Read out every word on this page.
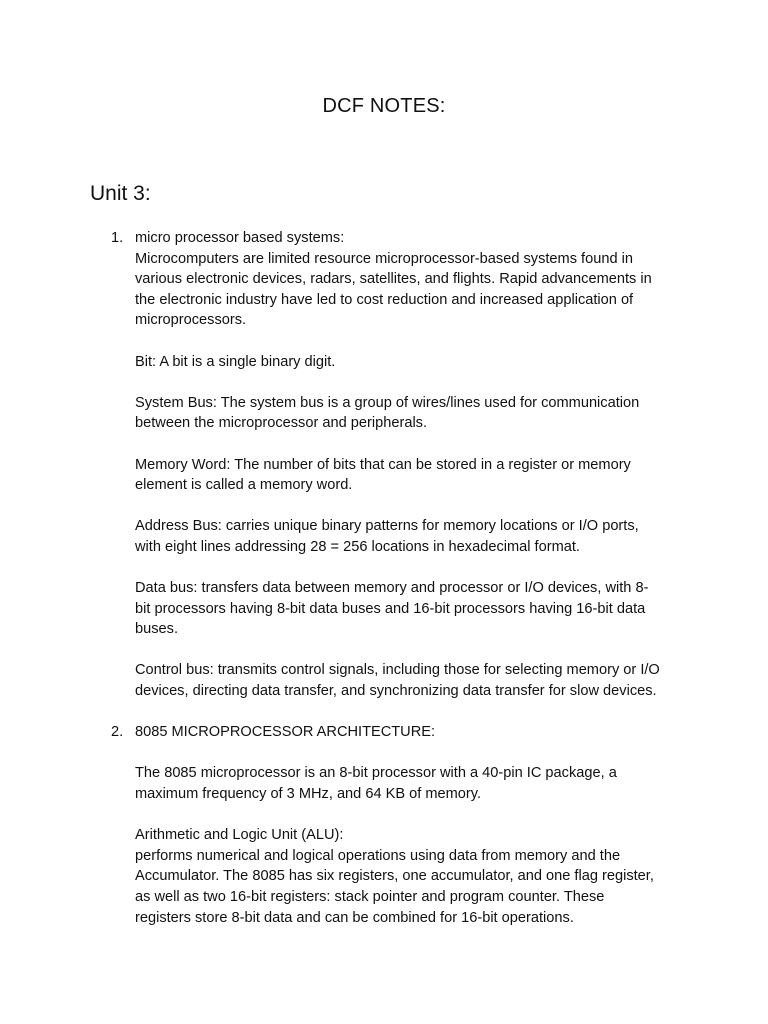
DCF NOTES:
Unit 3:
1. micro processor based systems:
Microcomputers are limited resource microprocessor-based systems found in
various electronic devices, radars, satellites, and flights. Rapid advancements in
the electronic industry have led to cost reduction and increased application of
microprocessors.
Bit: A bit is a single binary digit.
System Bus: The system bus is a group of wires/lines used for communication
between the microprocessor and peripherals.
Memory Word: The number of bits that can be stored in a register or memory
element is called a memory word.
Address Bus: carries unique binary patterns for memory locations or I/O ports,
with eight lines addressing 28 = 256 locations in hexadecimal format.
Data bus: transfers data between memory and processor or I/O devices, with 8-
bit processors having 8-bit data buses and 16-bit processors having 16-bit data
buses.
Control bus: transmits control signals, including those for selecting memory or I/O
devices, directing data transfer, and synchronizing data transfer for slow devices.
2. 8085 MICROPROCESSOR ARCHITECTURE:
The 8085 microprocessor is an 8-bit processor with a 40-pin IC package, a
maximum frequency of 3 MHz, and 64 KB of memory.
Arithmetic and Logic Unit (ALU):
performs numerical and logical operations using data from memory and the
Accumulator. The 8085 has six registers, one accumulator, and one flag register,
as well as two 16-bit registers: stack pointer and program counter. These
registers store 8-bit data and can be combined for 16-bit operations.
